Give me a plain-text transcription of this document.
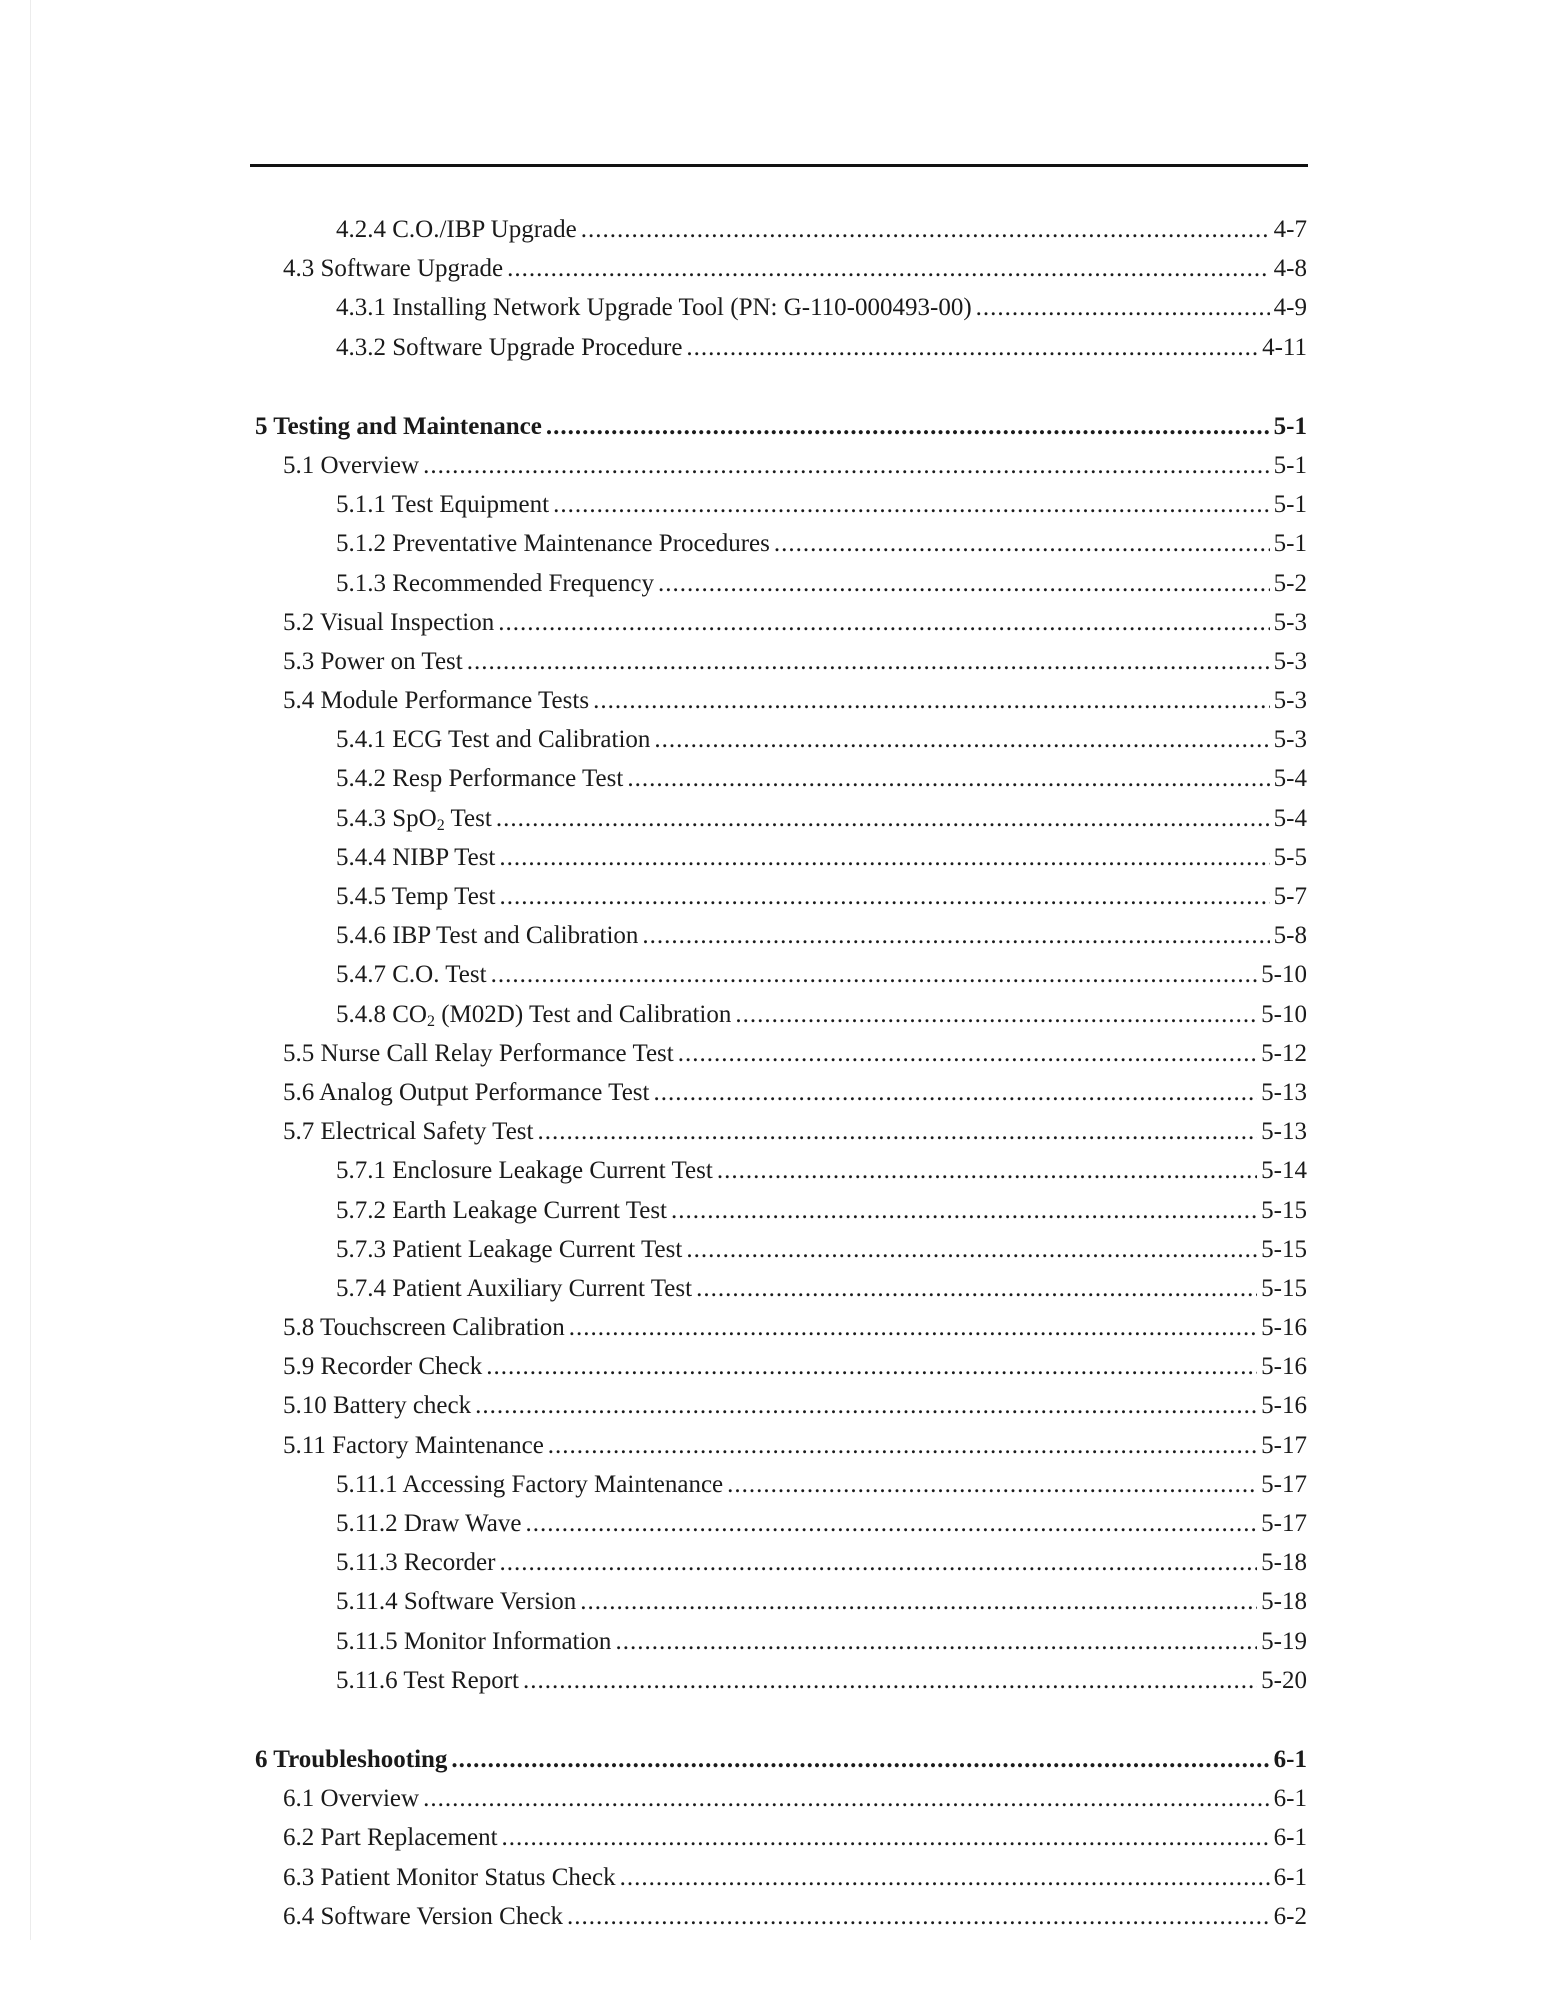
4.2.4 C.O./IBP Upgrade .....	4-7
4.3 Software Upgrade .....	4-8
4.3.1 Installing Network Upgrade Tool (PN: G-110-000493-00) .....	4-9
4.3.2 Software Upgrade Procedure .....	4-11
5 Testing and Maintenance .....	5-1
5.1 Overview .....	5-1
5.1.1 Test Equipment .....	5-1
5.1.2 Preventative Maintenance Procedures .....	5-1
5.1.3 Recommended Frequency .....	5-2
5.2 Visual Inspection .....	5-3
5.3 Power on Test .....	5-3
5.4 Module Performance Tests .....	5-3
5.4.1 ECG Test and Calibration .....	5-3
5.4.2 Resp Performance Test .....	5-4
5.4.3 SpO$_2$ Test .....	5-4
5.4.4 NIBP Test .....	5-5
5.4.5 Temp Test .....	5-7
5.4.6 IBP Test and Calibration .....	5-8
5.4.7 C.O. Test .....	5-10
5.4.8 $CO_2$ (M02D) Test and Calibration .....	5-10
5.5 Nurse Call Relay Performance Test .....	5-12
5.6 Analog Output Performance Test .....	5-13
5.7 Electrical Safety Test .....	5-13
5.7.1 Enclosure Leakage Current Test .....	5-14
5.7.2 Earth Leakage Current Test .....	5-15
5.7.3 Patient Leakage Current Test .....	5-15
5.7.4 Patient Auxiliary Current Test .....	5-15
5.8 Touchscreen Calibration .....	5-16
5.9 Recorder Check .....	5-16
5.10 Battery check .....	5-16
5.11 Factory Maintenance .....	5-17
5.11.1 Accessing Factory Maintenance .....	5-17
5.11.2 Draw Wave .....	5-17
5.11.3 Recorder .....	5-18
5.11.4 Software Version .....	5-18
5.11.5 Monitor Information .....	5-19
5.11.6 Test Report .....	5-20
6 Troubleshooting .....	6-1
6.1 Overview .....	6-1
6.2 Part Replacement .....	6-1
6.3 Patient Monitor Status Check .....	6-1
6.4 Software Version Check .....	6-2
